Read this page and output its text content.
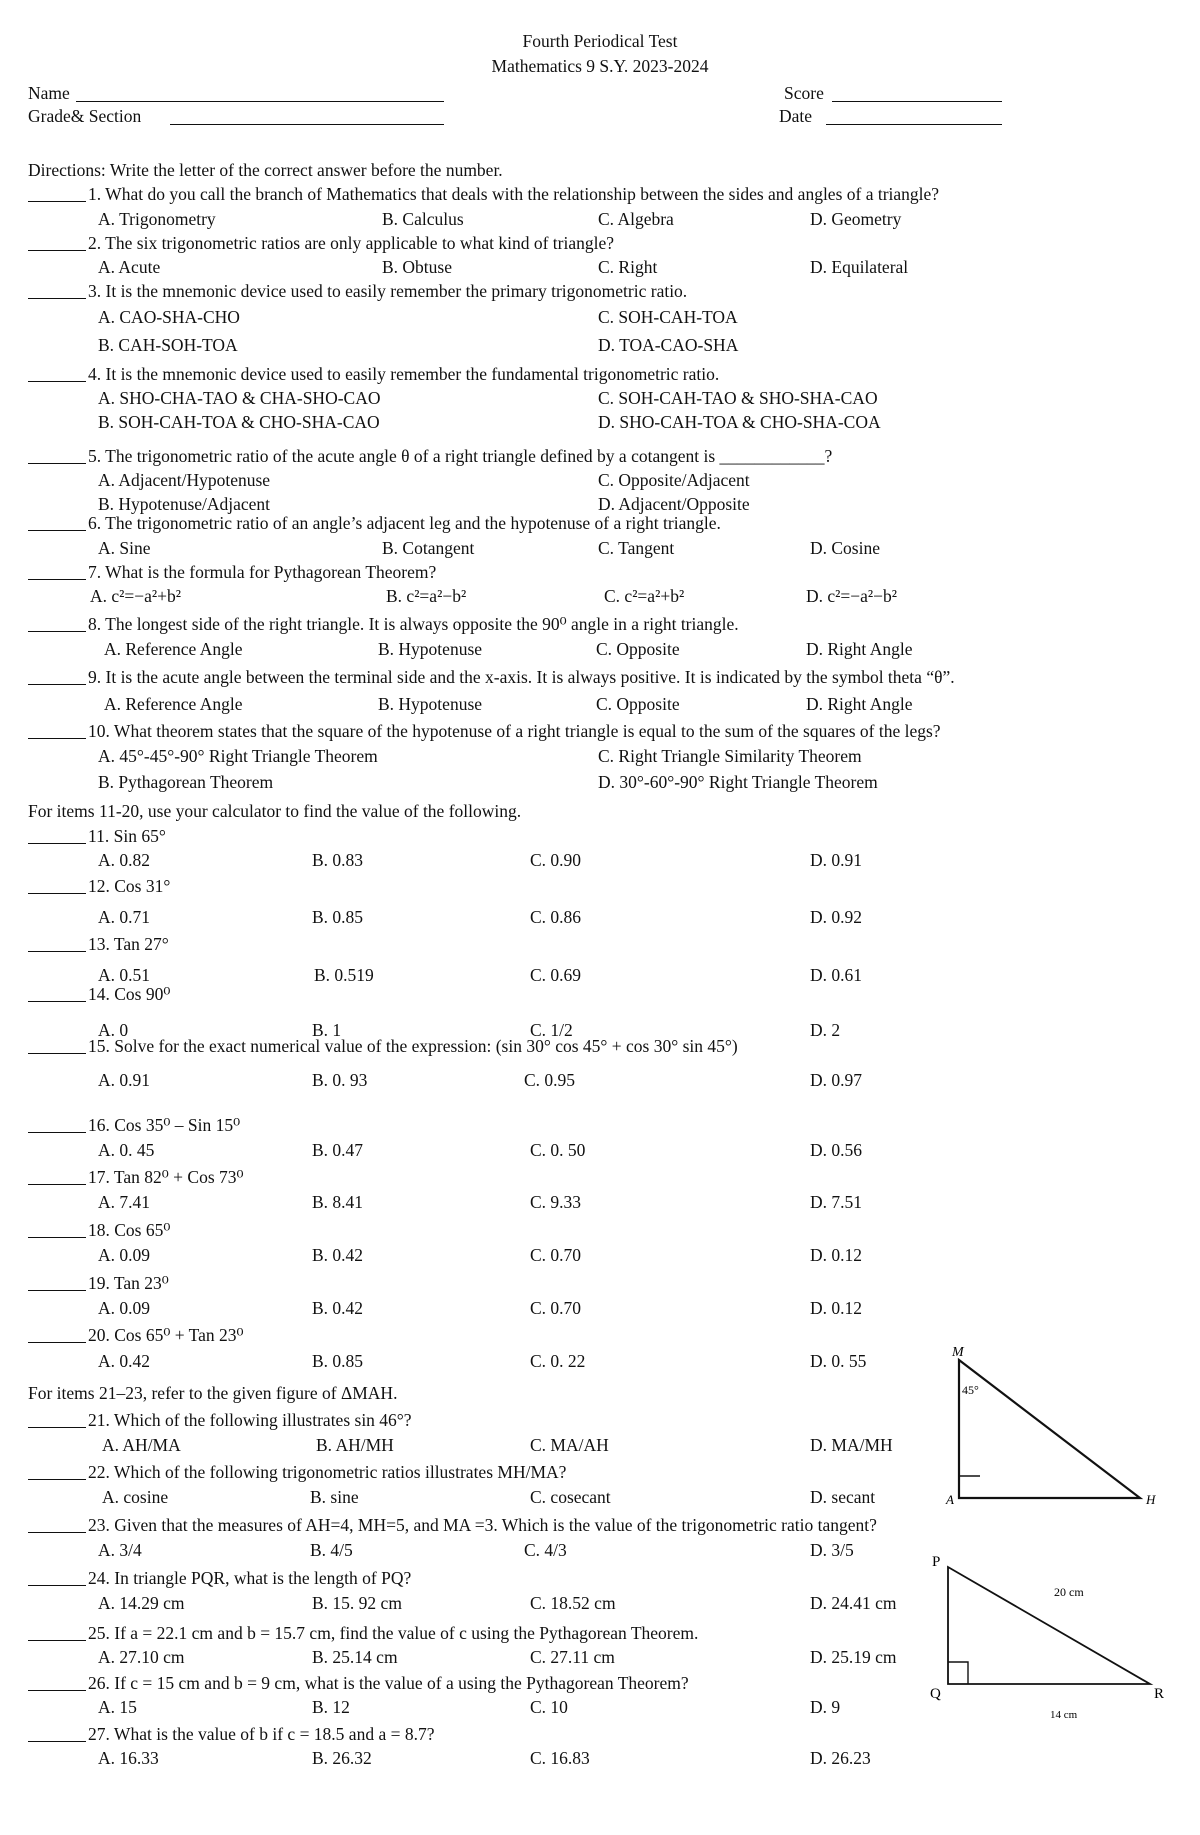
Fourth Periodical Test
Mathematics 9 S.Y. 2023-2024
Name
Grade& Section
Score
Date
Directions: Write the letter of the correct answer before the number.
1. What do you call the branch of Mathematics that deals with the relationship between the sides and angles of a triangle?
A. Trigonometry	B. Calculus	C. Algebra	D. Geometry
2. The six trigonometric ratios are only applicable to what kind of triangle?
A. Acute	B. Obtuse	C. Right	D. Equilateral
3. It is the mnemonic device used to easily remember the primary trigonometric ratio.
A. CAO-SHA-CHO	C. SOH-CAH-TOA
B. CAH-SOH-TOA	D. TOA-CAO-SHA
4. It is the mnemonic device used to easily remember the fundamental trigonometric ratio.
A. SHO-CHA-TAO & CHA-SHO-CAO	C. SOH-CAH-TAO & SHO-SHA-CAO
B. SOH-CAH-TOA & CHO-SHA-CAO	D. SHO-CAH-TOA & CHO-SHA-COA
5. The trigonometric ratio of the acute angle θ of a right triangle defined by a cotangent is ____________?
A. Adjacent/Hypotenuse	C. Opposite/Adjacent
B. Hypotenuse/Adjacent	D. Adjacent/Opposite
6. The trigonometric ratio of an angle’s adjacent leg and the hypotenuse of a right triangle.
A. Sine	B. Cotangent	C. Tangent	D. Cosine
7. What is the formula for Pythagorean Theorem?
A. c²=−a²+b²	B. c²=a²−b²	C. c²=a²+b²	D. c²=−a²−b²
8. The longest side of the right triangle. It is always opposite the 90⁰ angle in a right triangle.
A. Reference Angle	B. Hypotenuse	C. Opposite	D. Right Angle
9. It is the acute angle between the terminal side and the x-axis. It is always positive. It is indicated by the symbol theta “θ”.
A. Reference Angle	B. Hypotenuse	C. Opposite	D. Right Angle
10. What theorem states that the square of the hypotenuse of a right triangle is equal to the sum of the squares of the legs?
A. 45°-45°-90° Right Triangle Theorem	C. Right Triangle Similarity Theorem
B. Pythagorean Theorem	D. 30°-60°-90° Right Triangle Theorem
11. Sin 65°
A. 0.82	B. 0.83	C. 0.90	D. 0.91
12. Cos 31°
A. 0.71	B. 0.85	C. 0.86	D. 0.92
13. Tan 27°
A. 0.51	B. 0.519	C. 0.69	D. 0.61
14. Cos 90⁰
A. 0	B. 1	C. 1/2	D. 2
15. Solve for the exact numerical value of the expression: (sin 30° cos 45° + cos 30° sin 45°)
A. 0.91	B. 0. 93	C. 0.95	D. 0.97
16. Cos 35⁰ – Sin 15⁰
A. 0. 45	B. 0.47	C. 0. 50	D. 0.56
17. Tan 82⁰ + Cos 73⁰
A. 7.41	B. 8.41	C. 9.33	D. 7.51
18. Cos 65⁰
A. 0.09	B. 0.42	C. 0.70	D. 0.12
19. Tan 23⁰
A. 0.09	B. 0.42	C. 0.70	D. 0.12
20. Cos 65⁰ + Tan 23⁰
A. 0.42	B. 0.85	C. 0. 22	D. 0. 55
21. Which of the following illustrates sin 46°?
A. AH/MA	B. AH/MH	C. MA/AH	D. MA/MH
22. Which of the following trigonometric ratios illustrates MH/MA?
A. cosine	B. sine	C. cosecant	D. secant
23. Given that the measures of AH=4, MH=5, and MA =3. Which is the value of the trigonometric ratio tangent?
A. 3/4	B. 4/5	C. 4/3	D. 3/5
24. In triangle PQR, what is the length of PQ?
A. 14.29 cm	B. 15. 92 cm	C. 18.52 cm	D. 24.41 cm
25. If a = 22.1 cm and b = 15.7 cm, find the value of c using the Pythagorean Theorem.
A. 27.10 cm	B. 25.14 cm	C. 27.11 cm	D. 25.19 cm
26. If c = 15 cm and b = 9 cm, what is the value of a using the Pythagorean Theorem?
A. 15	B. 12	C. 10	D. 9
27. What is the value of b if c = 18.5 and a = 8.7?
A. 16.33	B. 26.32	C. 16.83	D. 26.23
For items 11-20, use your calculator to find the value of the following.
For items 21–23, refer to the given figure of ΔMAH.
M
A	H
45°
P
Q	R
20 cm
14 cm
